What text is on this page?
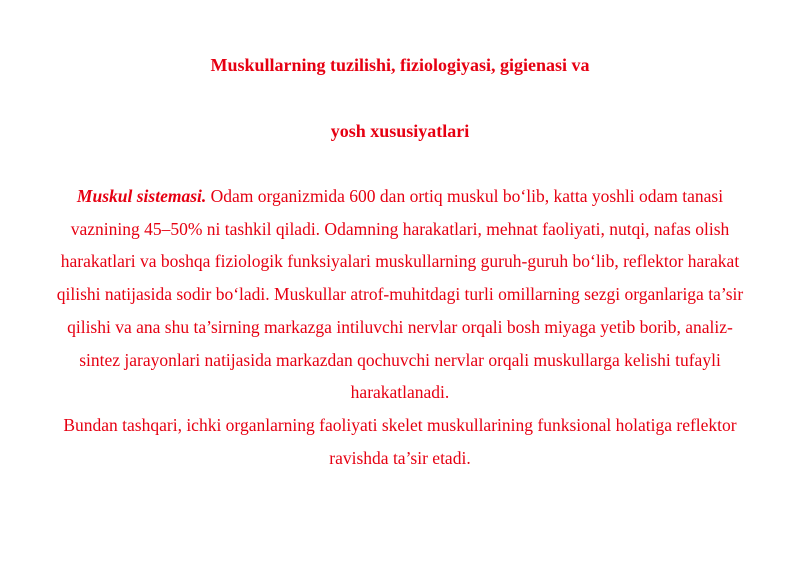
Muskullarning tuzilishi, fiziologiyasi, gigienasi va
yosh xususiyatlari

Muskul sistemasi. Odam organizmida 600 dan ortiq muskul bo‘lib, katta yoshli odam tanasi vaznining 45–50% ni tashkil qiladi. Odamning harakatlari, mehnat faoliyati, nutqi, nafas olish harakatlari va boshqa fiziologik funksiyalari muskullarning guruh-guruh bo‘lib, reflektor harakat qilishi natijasida sodir bo‘ladi. Muskullar atrof-muhitdagi turli omillarning sezgi organlariga ta’sir qilishi va ana shu ta’sirning markazga intiluvchi nervlar orqali bosh miyaga yetib borib, analiz-sintez jarayonlari natijasida markazdan qochuvchi nervlar orqali muskullarga kelishi tufayli harakatlanadi.

Bundan tashqari, ichki organlarning faoliyati skelet muskullarining funksional holatiga reflektor ravishda ta’sir etadi.
